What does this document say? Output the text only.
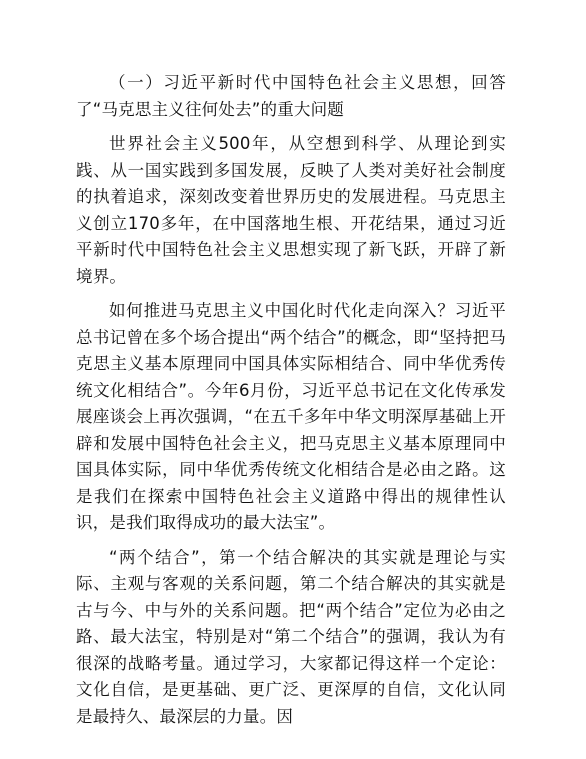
（一）习近平新时代中国特色社会主义思想，回答了“马克思主义往何处去”的重大问题

世界社会主义500年，从空想到科学、从理论到实践、从一国实践到多国发展，反映了人类对美好社会制度的执着追求，深刻改变着世界历史的发展进程。马克思主义创立170多年，在中国落地生根、开花结果，通过习近平新时代中国特色社会主义思想实现了新飞跃，开辟了新境界。

如何推进马克思主义中国化时代化走向深入？习近平总书记曾在多个场合提出“两个结合”的概念，即“坚持把马克思主义基本原理同中国具体实际相结合、同中华优秀传统文化相结合”。今年6月份，习近平总书记在文化传承发展座谈会上再次强调，“在五千多年中华文明深厚基础上开辟和发展中国特色社会主义，把马克思主义基本原理同中国具体实际，同中华优秀传统文化相结合是必由之路。这是我们在探索中国特色社会主义道路中得出的规律性认识，是我们取得成功的最大法宝”。

“两个结合”，第一个结合解决的其实就是理论与实际、主观与客观的关系问题，第二个结合解决的其实就是古与今、中与外的关系问题。把“两个结合”定位为必由之路、最大法宝，特别是对“第二个结合”的强调，我认为有很深的战略考量。通过学习，大家都记得这样一个定论：文化自信，是更基础、更广泛、更深厚的自信，文化认同是最持久、最深层的力量。因
